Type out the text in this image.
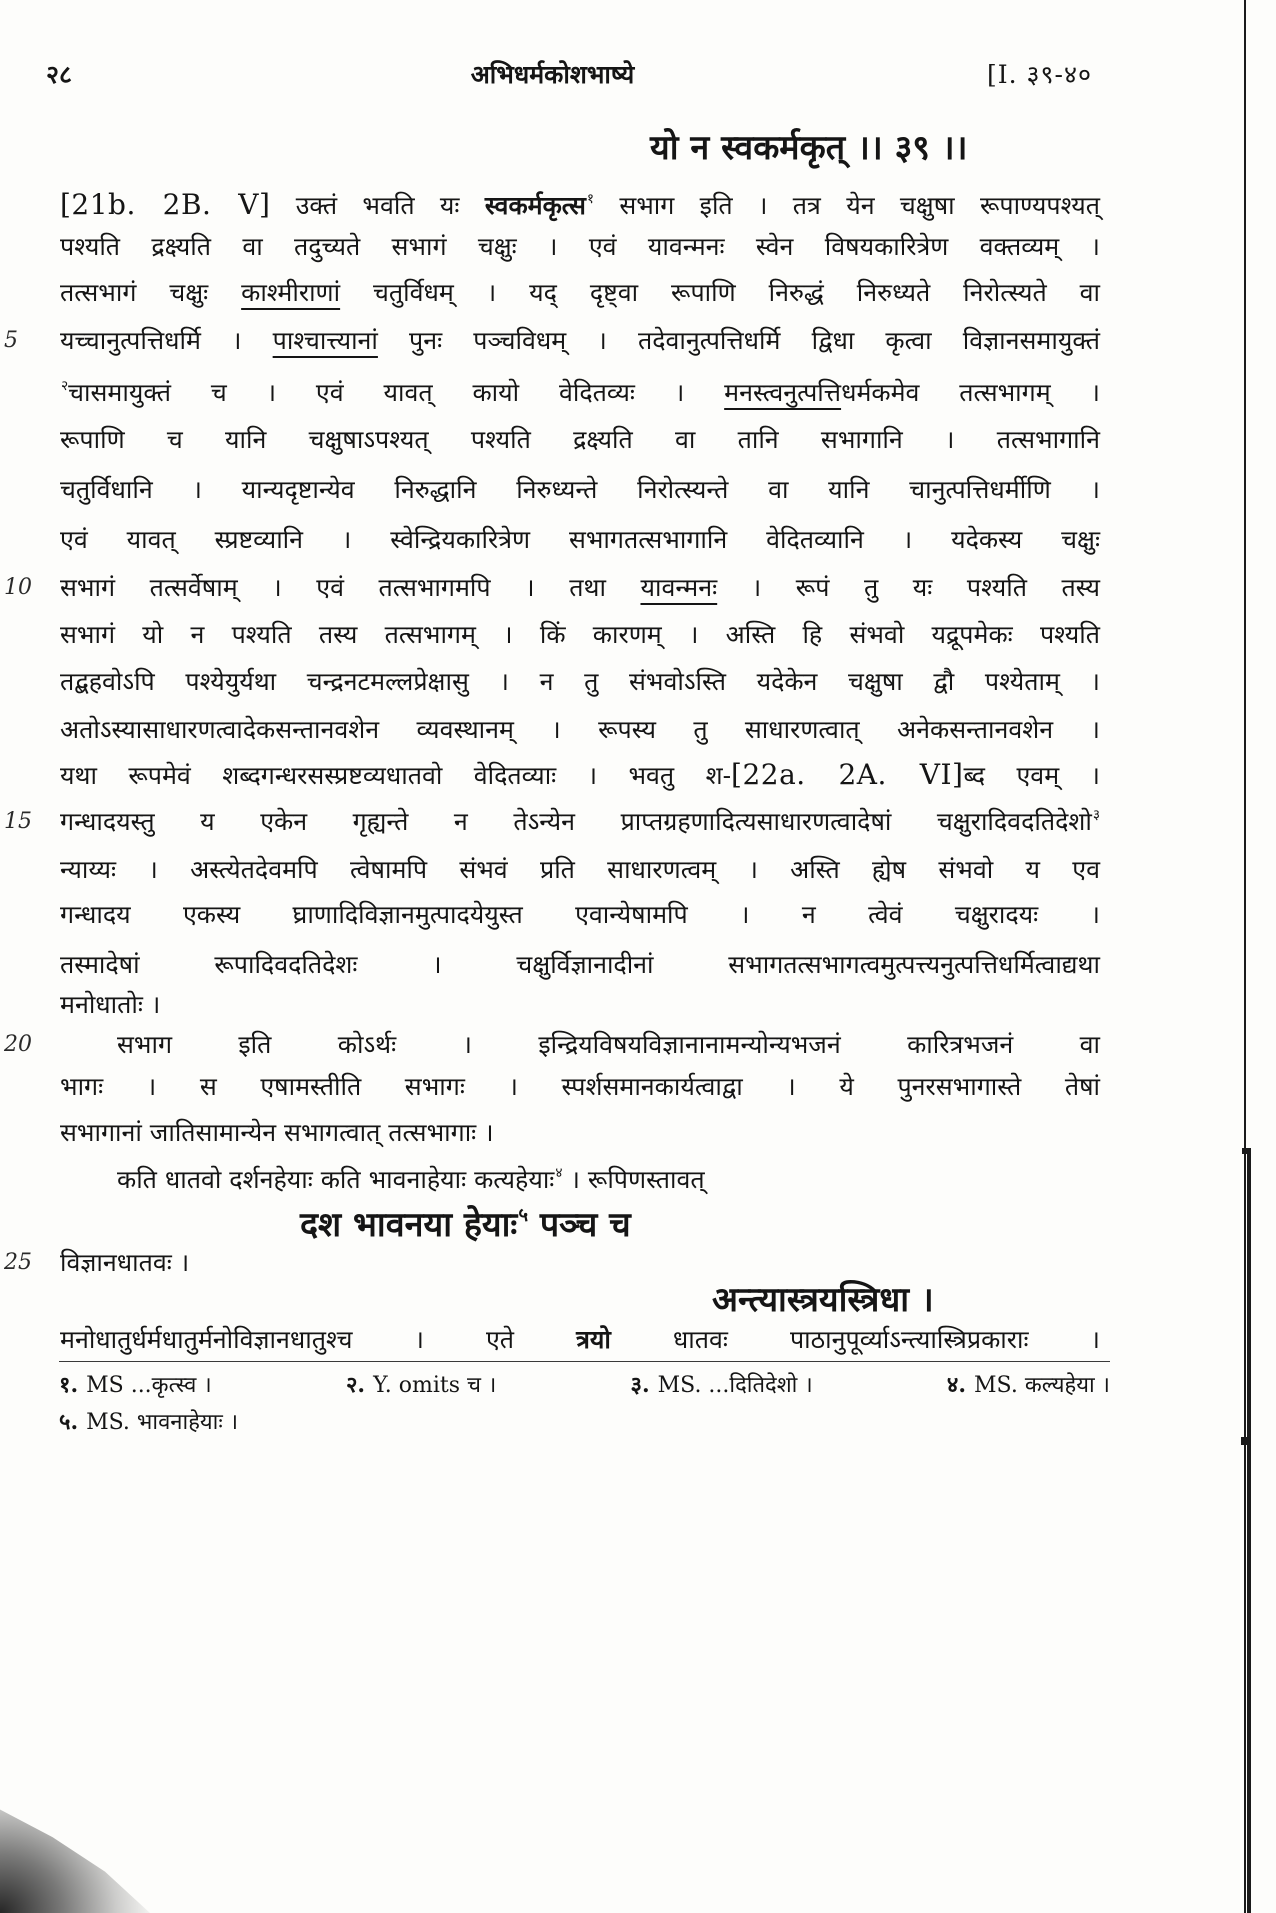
२८	अभिधर्मकोशभाष्ये	[I. ३९-४०
यो न स्वकर्मकृत् ।। ३९ ।।
[21b. 2B. V] उक्तं भवति यः स्वकर्मकृत्स$^१$ सभाग इति । तत्र येन चक्षुषा रूपाण्यपश्यत्
पश्यति द्रक्ष्यति वा तदुच्यते सभागं चक्षुः । एवं यावन्मनः स्वेन विषयकारित्रेण वक्तव्यम् ।
तत्सभागं चक्षुः काश्मीराणां चतुर्विधम् । यद् दृष्ट्वा रूपाणि निरुद्धं निरुध्यते निरोत्स्यते वा
यच्चानुत्पत्तिधर्मि । पाश्चात्त्यानां पुनः पञ्चविधम् । तदेवानुत्पत्तिधर्मि द्विधा कृत्वा विज्ञानसमायुक्तं
5
$^२$चासमायुक्तं च । एवं यावत् कायो वेदितव्यः । मनस्त्वनुत्पत्तिधर्मकमेव तत्सभागम् ।
रूपाणि च यानि चक्षुषाऽपश्यत् पश्यति द्रक्ष्यति वा तानि सभागानि । तत्सभागानि
चतुर्विधानि । यान्यदृष्टान्येव निरुद्धानि निरुध्यन्ते निरोत्स्यन्ते वा यानि चानुत्पत्तिधर्मीणि ।
एवं यावत् स्प्रष्टव्यानि । स्वेन्द्रियकारित्रेण सभागतत्सभागानि वेदितव्यानि । यदेकस्य चक्षुः
सभागं तत्सर्वेषाम् । एवं तत्सभागमपि । तथा यावन्मनः । रूपं तु यः पश्यति तस्य
10
सभागं यो न पश्यति तस्य तत्सभागम् । किं कारणम् । अस्ति हि संभवो यद्रूपमेकः पश्यति
तद्बहवोऽपि पश्येयुर्यथा चन्द्रनटमल्लप्रेक्षासु । न तु संभवोऽस्ति यदेकेन चक्षुषा द्वौ पश्येताम् ।
अतोऽस्यासाधारणत्वादेकसन्तानवशेन व्यवस्थानम् । रूपस्य तु साधारणत्वात् अनेकसन्तानवशेन ।
यथा रूपमेवं शब्दगन्धरसस्प्रष्टव्यधातवो वेदितव्याः । भवतु श-[22a. 2A. VI]ब्द एवम् ।
गन्धादयस्तु य एकेन गृह्यन्ते न तेऽन्येन प्राप्तग्रहणादित्यसाधारणत्वादेषां चक्षुरादिवदतिदेशो$^३$
15
न्याय्यः । अस्त्येतदेवमपि त्वेषामपि संभवं प्रति साधारणत्वम् । अस्ति ह्येष संभवो य एव
गन्धादय एकस्य घ्राणादिविज्ञानमुत्पादयेयुस्त एवान्येषामपि । न त्वेवं चक्षुरादयः ।
तस्मादेषां रूपादिवदतिदेशः । चक्षुर्विज्ञानादीनां सभागतत्सभागत्वमुत्पत्त्यनुत्पत्तिधर्मित्वाद्यथा
मनोधातोः ।
सभाग इति कोऽर्थः । इन्द्रियविषयविज्ञानानामन्योन्यभजनं कारित्रभजनं वा
20
भागः । स एषामस्तीति सभागः । स्पर्शसमानकार्यत्वाद्वा । ये पुनरसभागास्ते तेषां
सभागानां जातिसामान्येन सभागत्वात् तत्सभागाः ।
कति धातवो दर्शनहेयाः कति भावनाहेयाः कत्यहेयाः$^४$ । रूपिणस्तावत्
दश भावनया हेयाः$^५$ पञ्च च
विज्ञानधातवः ।
25
अन्त्यास्त्रयस्त्रिधा ।
मनोधातुर्धर्मधातुर्मनोविज्ञानधातुश्च । एते त्रयो धातवः पाठानुपूर्व्याऽन्त्यास्त्रिप्रकाराः ।
१. MS ...कृत्स्व ।	२. Y. omits च ।	३. MS. ...दितिदेशो ।	४. MS. कल्यहेया ।
५. MS. भावनाहेयाः ।
